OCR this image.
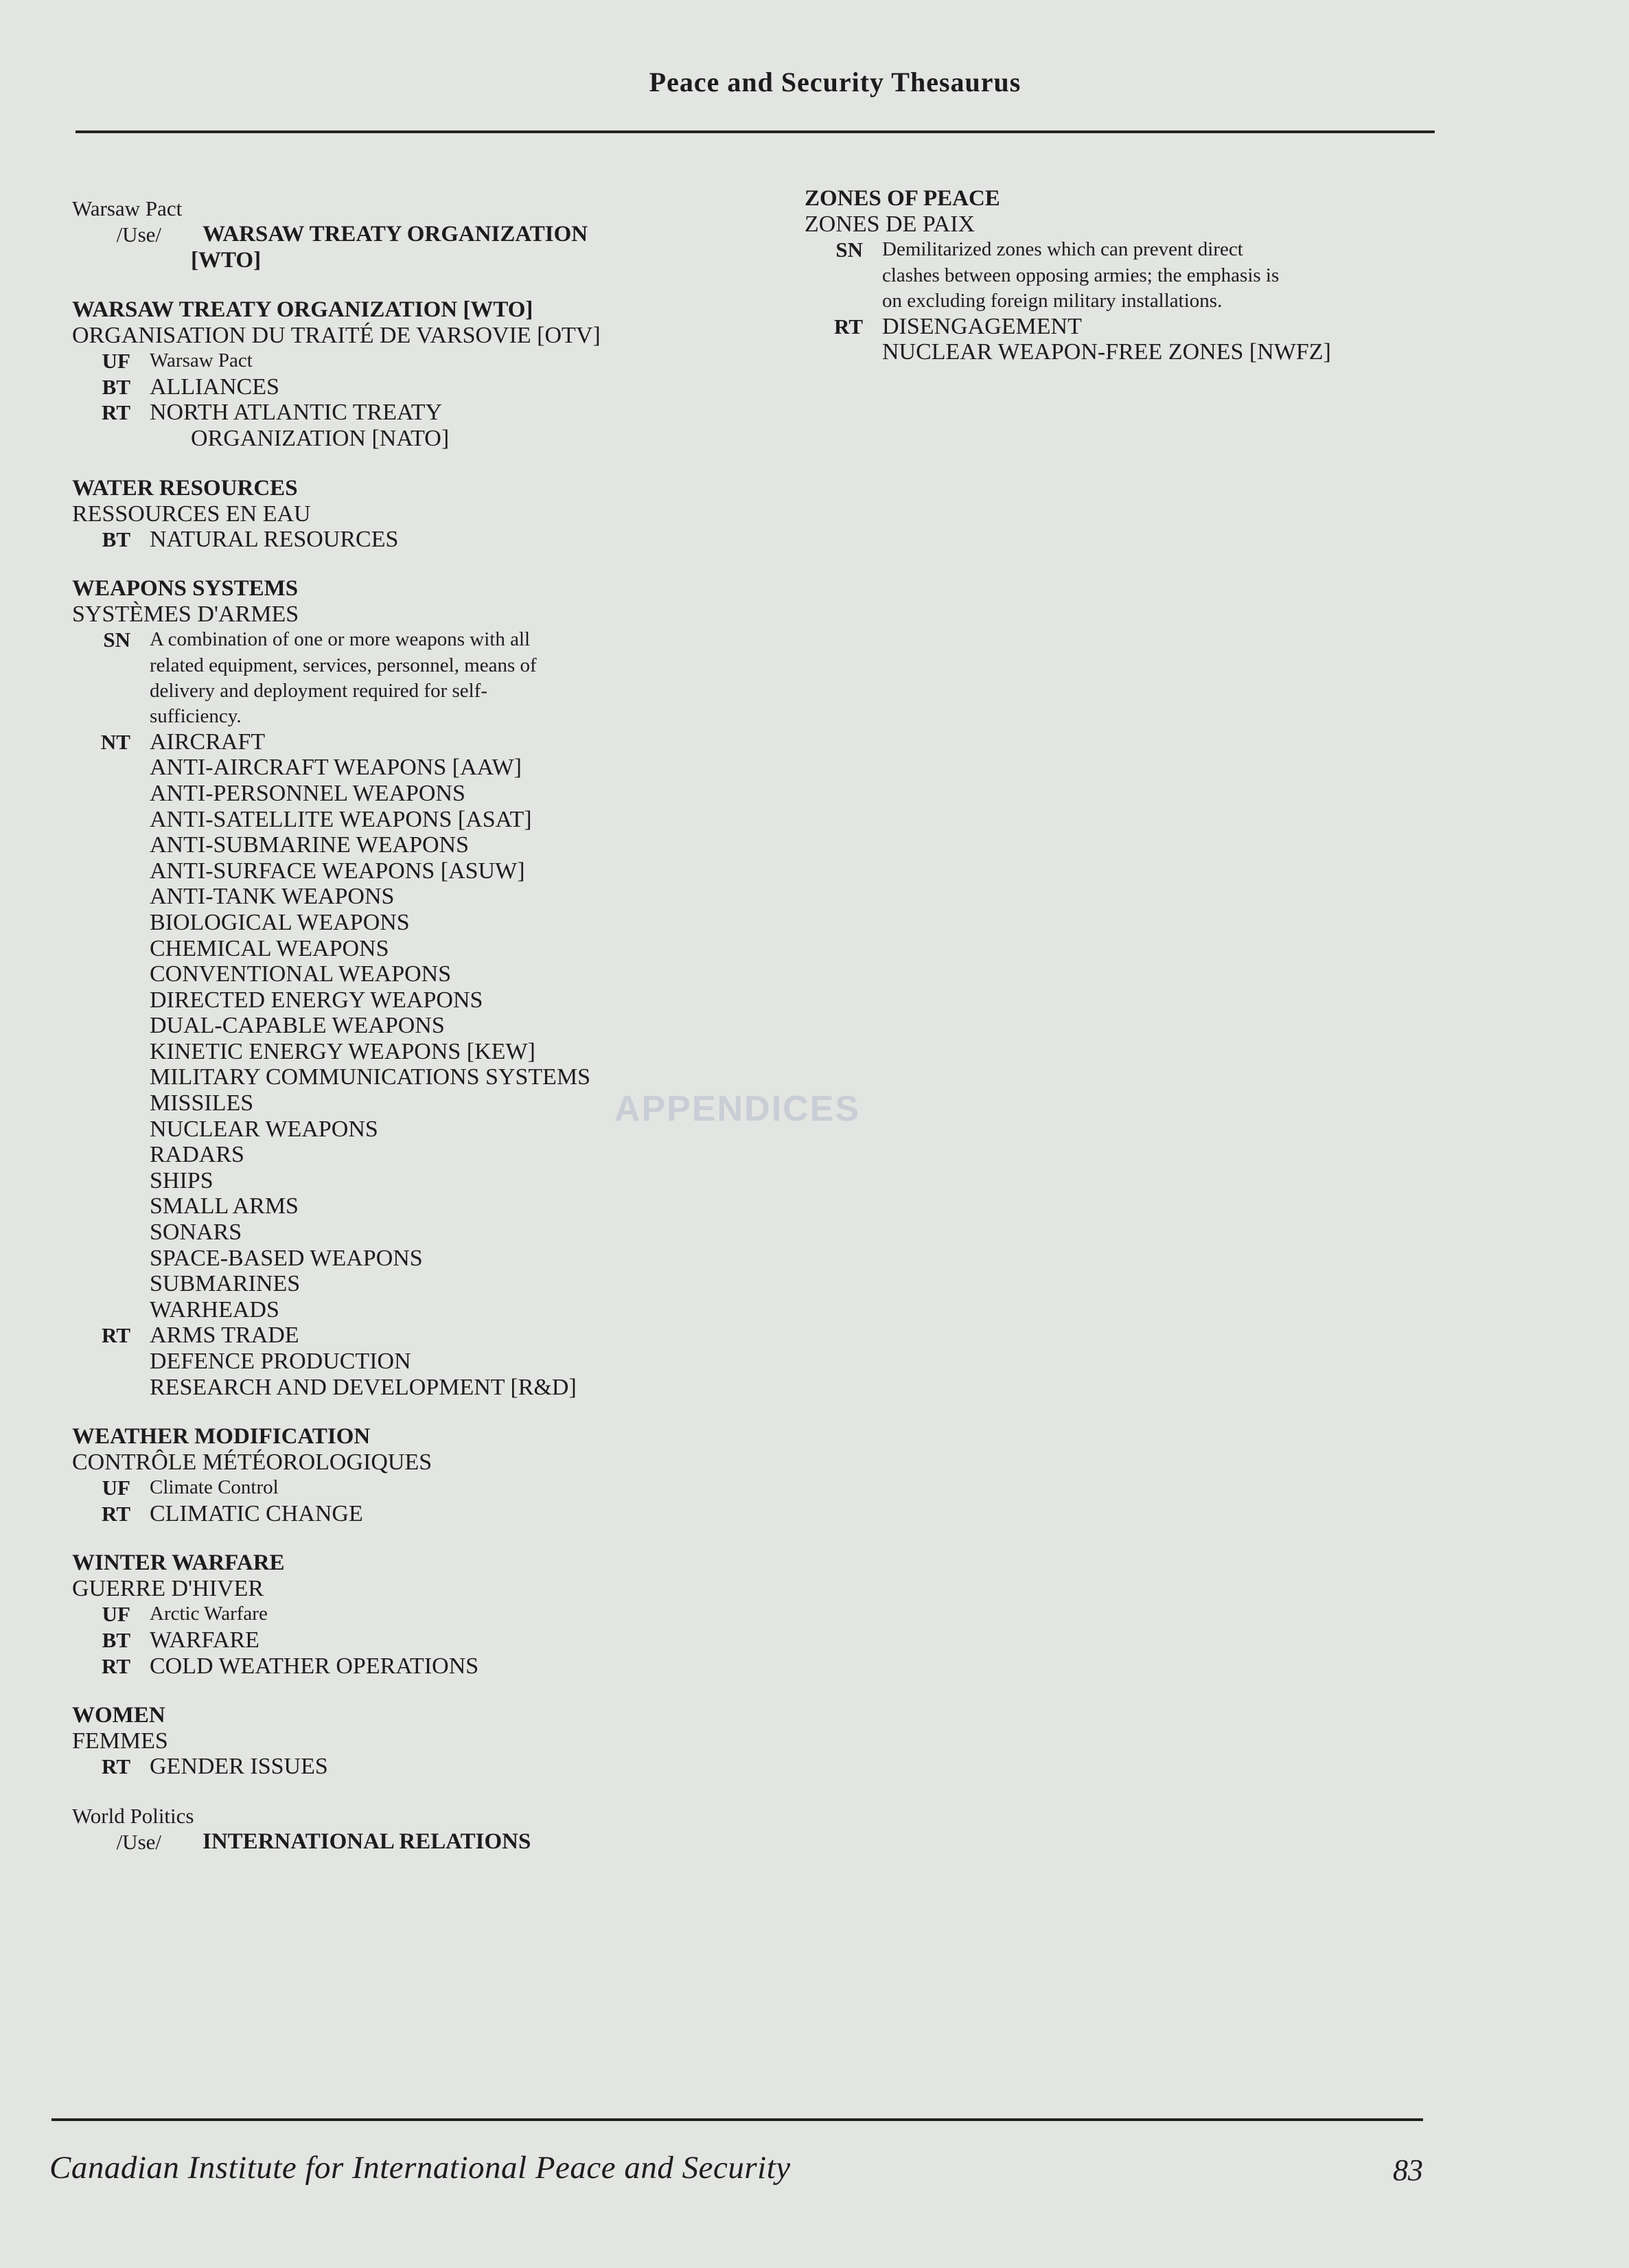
Peace and Security Thesaurus
APPENDICES
Warsaw Pact
/Use/	WARSAW TREATY ORGANIZATION
[WTO]
WARSAW TREATY ORGANIZATION [WTO]
ORGANISATION DU TRAITÉ DE VARSOVIE [OTV]
UF Warsaw Pact
BT ALLIANCES
RT NORTH ATLANTIC TREATY
ORGANIZATION [NATO]
WATER RESOURCES
RESSOURCES EN EAU
BT NATURAL RESOURCES
WEAPONS SYSTEMS
SYSTÈMES D'ARMES
SN A combination of one or more weapons with all
related equipment, services, personnel, means of
delivery and deployment required for self-
sufficiency.
NT AIRCRAFT
ANTI-AIRCRAFT WEAPONS [AAW]
ANTI-PERSONNEL WEAPONS
ANTI-SATELLITE WEAPONS [ASAT]
ANTI-SUBMARINE WEAPONS
ANTI-SURFACE WEAPONS [ASUW]
ANTI-TANK WEAPONS
BIOLOGICAL WEAPONS
CHEMICAL WEAPONS
CONVENTIONAL WEAPONS
DIRECTED ENERGY WEAPONS
DUAL-CAPABLE WEAPONS
KINETIC ENERGY WEAPONS [KEW]
MILITARY COMMUNICATIONS SYSTEMS
MISSILES
NUCLEAR WEAPONS
RADARS
SHIPS
SMALL ARMS
SONARS
SPACE-BASED WEAPONS
SUBMARINES
WARHEADS
RT ARMS TRADE
DEFENCE PRODUCTION
RESEARCH AND DEVELOPMENT [R&D]
WEATHER MODIFICATION
CONTRÔLE MÉTÉOROLOGIQUES
UF Climate Control
RT CLIMATIC CHANGE
WINTER WARFARE
GUERRE D'HIVER
UF Arctic Warfare
BT WARFARE
RT COLD WEATHER OPERATIONS
WOMEN
FEMMES
RT GENDER ISSUES
World Politics
/Use/	INTERNATIONAL RELATIONS
ZONES OF PEACE
ZONES DE PAIX
SN Demilitarized zones which can prevent direct
clashes between opposing armies; the emphasis is
on excluding foreign military installations.
RT DISENGAGEMENT
NUCLEAR WEAPON-FREE ZONES [NWFZ]
Canadian Institute for International Peace and Security	83
